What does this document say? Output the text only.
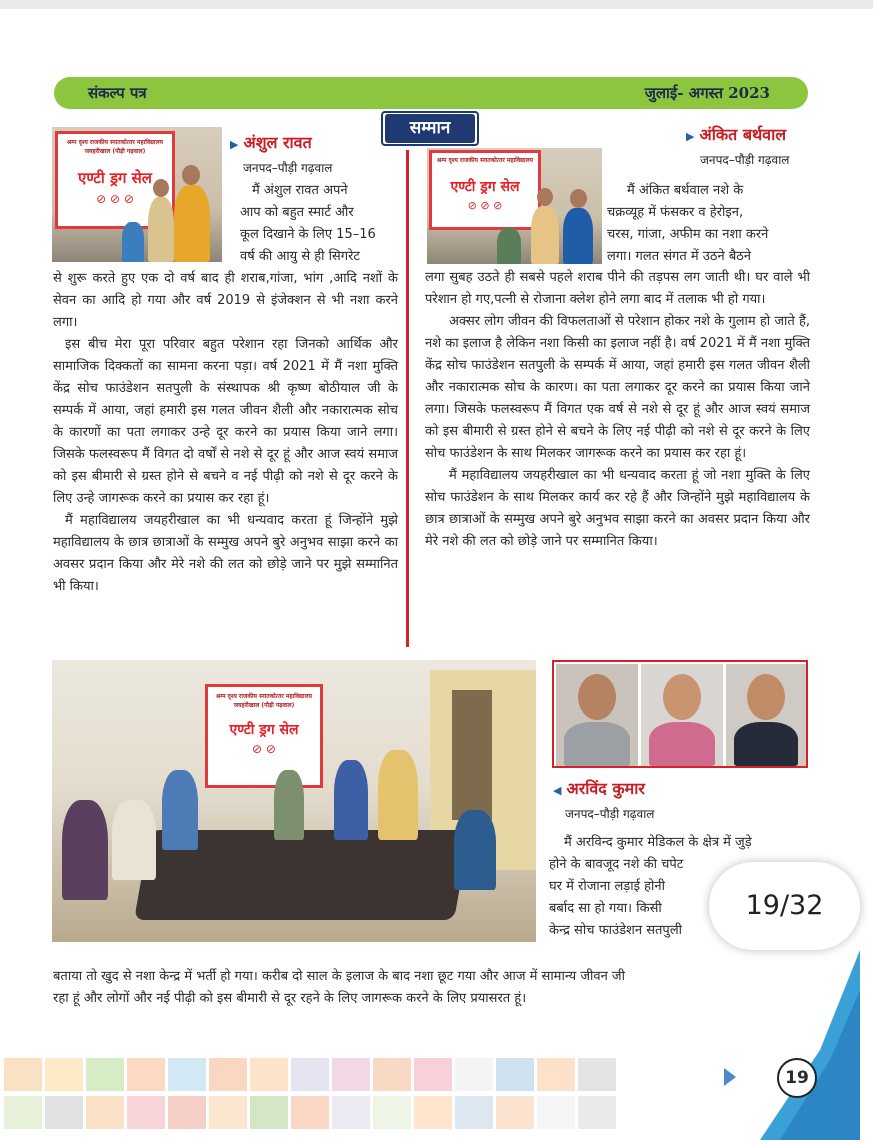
संकल्प पत्र	जुलाई- अगस्त 2023
सम्मान
श्रम्‍प दृश्‍य राजकीय स्‍नातकोत्‍तर महाविद्यालय
जयहरीखाल (पौड़ी गढ़वाल)
एण्टी ड्रग सेल
⊘ ⊘ ⊘
श्रम्‍प दृश्‍य राजकीय स्‍नातकोत्‍तर महाविद्यालय
एण्टी ड्रग सेल
⊘ ⊘ ⊘
▶ अंशुल रावत
जनपद–पौड़ी गढ़वाल

मैं अंशुल रावत अपने

आप को बहुत स्मार्ट और

कूल दिखाने के लिए 15–16

वर्ष की आयु से ही सिगरेट

से शुरू करते हुए एक दो वर्ष बाद ही शराब,गांजा, भांग ,आदि नशों के सेवन का आदि हो गया और वर्ष 2019 से इंजेक्शन से भी नशा करने लगा।

इस बीच मेरा पूरा परिवार बहुत परेशान रहा जिनको आर्थिक और सामाजिक दिक्कतों का सामना करना पड़ा। वर्ष 2021 में मैं नशा मुक्ति केंद्र सोच फाउंडेशन सतपुली के संस्थापक श्री कृष्ण बोठीयाल जी के सम्पर्क में आया, जहां हमारी इस गलत जीवन शैली और नकारात्मक सोच के कारणों का पता लगाकर उन्हे दूर करने का प्रयास किया जाने लगा। जिसके फलस्वरूप मैं विगत दो वर्षों से नशे से दूर हूं और आज स्वयं समाज को इस बीमारी से ग्रस्त होने से बचने व नई पीढ़ी को नशे से दूर करने के लिए उन्हे जागरूक करने का प्रयास कर रहा हूं।

मैं महाविद्यालय जयहरीखाल का भी धन्यवाद करता हूं जिन्होंने मुझे महाविद्यालय के छात्र छात्राओं के सम्मुख अपने बुरे अनुभव साझा करने का अवसर प्रदान किया और मेरे नशे की लत को छोड़े जाने पर मुझे सम्मानित भी किया।

▶ अंकित बर्थवाल
जनपद–पौड़ी गढ़वाल

मैं अंकित बर्थवाल नशे के

चक्रव्यूह में फंसकर व हेरोइन,

चरस, गांजा, अफीम का नशा करने

लगा। गलत संगत में उठने बैठने

लगा सुबह उठते ही सबसे पहले शराब पीने की तड़पस लग जाती थी। घर वाले भी परेशान हो गए,पत्नी से रोजाना क्लेश होने लगा बाद में तलाक भी हो गया।

अक्सर लोग जीवन की विफलताओं से परेशान होकर नशे के गुलाम हो जाते हैं, नशे का इलाज है लेकिन नशा किसी का इलाज नहीं है। वर्ष 2021 में मैं नशा मुक्ति केंद्र सोच फाउंडेशन सतपुली के सम्पर्क में आया, जहां हमारी इस गलत जीवन शैली और नकारात्मक सोच के कारण। का पता लगाकर दूर करने का प्रयास किया जाने लगा। जिसके फलस्वरूप मैं विगत एक वर्ष से नशे से दूर हूं और आज स्वयं समाज को इस बीमारी से ग्रस्त होने से बचने के लिए नई पीढ़ी को नशे से दूर करने के लिए सोच फाउंडेशन के साथ मिलकर जागरूक करने का प्रयास कर रहा हूं।

मैं महाविद्यालय जयहरीखाल का भी धन्यवाद करता हूं जो नशा मुक्ति के लिए सोच फाउंडेशन के साथ मिलकर कार्य कर रहे हैं और जिन्होंने मुझे महाविद्यालय के छात्र छात्राओं के सम्मुख अपने बुरे अनुभव साझा करने का अवसर प्रदान किया और मेरे नशे की लत को छोड़े जाने पर सम्मानित किया।

श्रम्‍प दृश्‍य राजकीय स्‍नातकोत्‍तर महाविद्यालय
जयहरीखाल (पौड़ी गढ़वाल)
एण्टी ड्रग सेल
⊘ ⊘
◀ अरविंद कुमार
जनपद–पौड़ी गढ़वाल

मैं अरविन्द कुमार मेडिकल के क्षेत्र में जुड़े

होने के बावजूद नशे की चपेट

घर में रोजाना लड़ाई होनी

बर्बाद सा हो गया। किसी

केन्द्र सोच फाउंडेशन सतपुली

बताया तो खुद से नशा केन्द्र में भर्ती हो गया। करीब दो साल के इलाज के बाद नशा छूट गया और आज में सामान्य जीवन जी

रहा हूं और लोगों और नई पीढ़ी को इस बीमारी से दूर रहने के लिए जागरूक करने के लिए प्रयासरत हूं।

19
19/32
